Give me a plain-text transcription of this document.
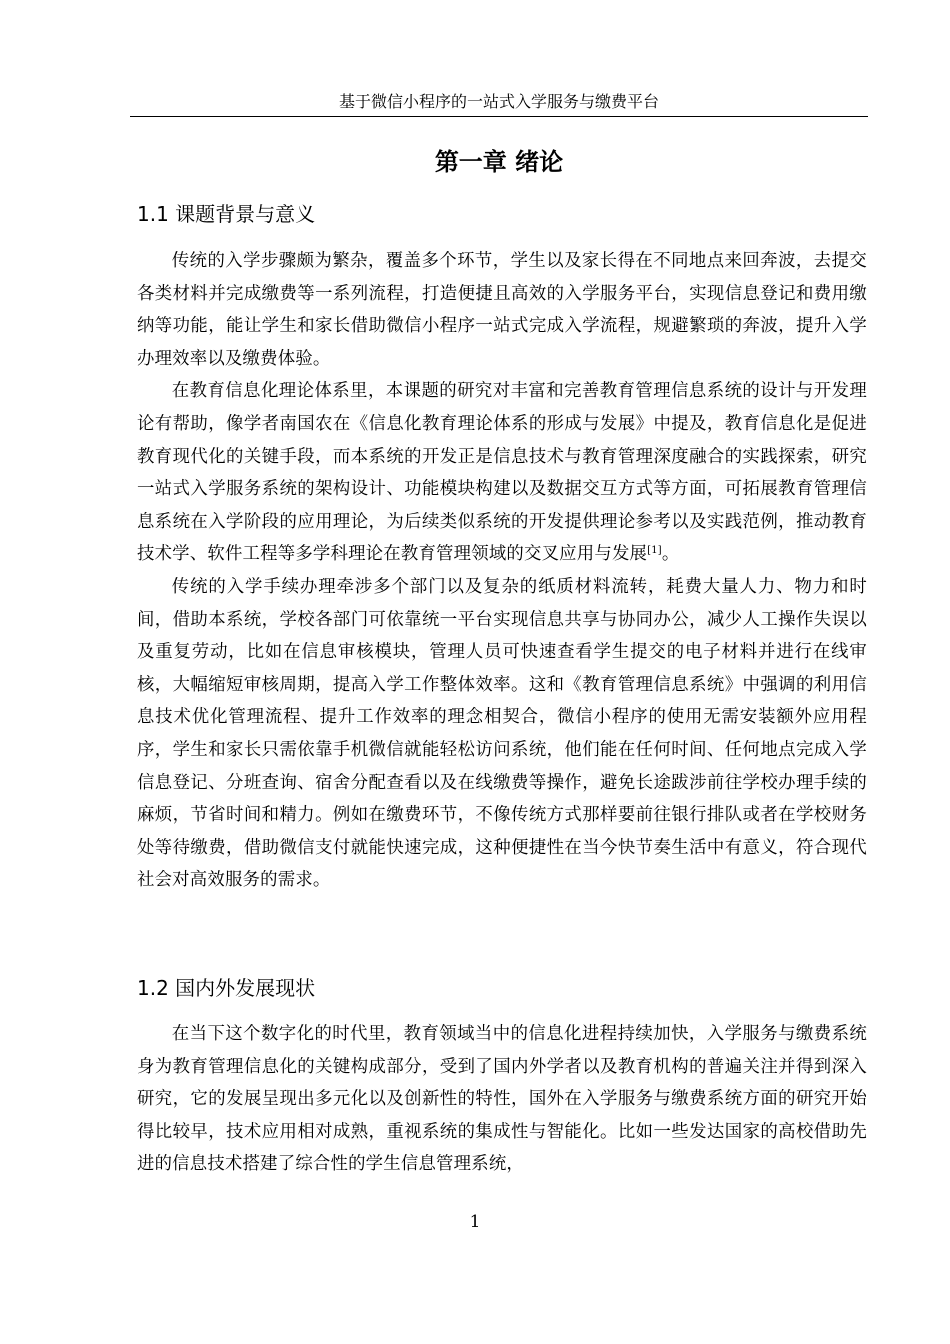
基于微信小程序的一站式入学服务与缴费平台
第一章 绪论
1.1 课题背景与意义

传统的入学步骤颇为繁杂，覆盖多个环节，学生以及家长得在不同地点来回奔波，去提交各类材料并完成缴费等一系列流程，打造便捷且高效的入学服务平台，实现信息登记和费用缴纳等功能，能让学生和家长借助微信小程序一站式完成入学流程，规避繁琐的奔波，提升入学办理效率以及缴费体验。

在教育信息化理论体系里，本课题的研究对丰富和完善教育管理信息系统的设计与开发理论有帮助，像学者南国农在《信息化教育理论体系的形成与发展》中提及，教育信息化是促进教育现代化的关键手段，而本系统的开发正是信息技术与教育管理深度融合的实践探索，研究一站式入学服务系统的架构设计、功能模块构建以及数据交互方式等方面，可拓展教育管理信息系统在入学阶段的应用理论，为后续类似系统的开发提供理论参考以及实践范例，推动教育技术学、软件工程等多学科理论在教育管理领域的交叉应用与发展[1]。

传统的入学手续办理牵涉多个部门以及复杂的纸质材料流转，耗费大量人力、物力和时间，借助本系统，学校各部门可依靠统一平台实现信息共享与协同办公，减少人工操作失误以及重复劳动，比如在信息审核模块，管理人员可快速查看学生提交的电子材料并进行在线审核，大幅缩短审核周期，提高入学工作整体效率。这和《教育管理信息系统》中强调的利用信息技术优化管理流程、提升工作效率的理念相契合，微信小程序的使用无需安装额外应用程序，学生和家长只需依靠手机微信就能轻松访问系统，他们能在任何时间、任何地点完成入学信息登记、分班查询、宿舍分配查看以及在线缴费等操作，避免长途跋涉前往学校办理手续的麻烦，节省时间和精力。例如在缴费环节，不像传统方式那样要前往银行排队或者在学校财务处等待缴费，借助微信支付就能快速完成，这种便捷性在当今快节奏生活中有意义，符合现代社会对高效服务的需求。

1.2 国内外发展现状

在当下这个数字化的时代里，教育领域当中的信息化进程持续加快，入学服务与缴费系统身为教育管理信息化的关键构成部分，受到了国内外学者以及教育机构的普遍关注并得到深入研究，它的发展呈现出多元化以及创新性的特性，国外在入学服务与缴费系统方面的研究开始得比较早，技术应用相对成熟，重视系统的集成性与智能化。比如一些发达国家的高校借助先进的信息技术搭建了综合性的学生信息管理系统，

1
